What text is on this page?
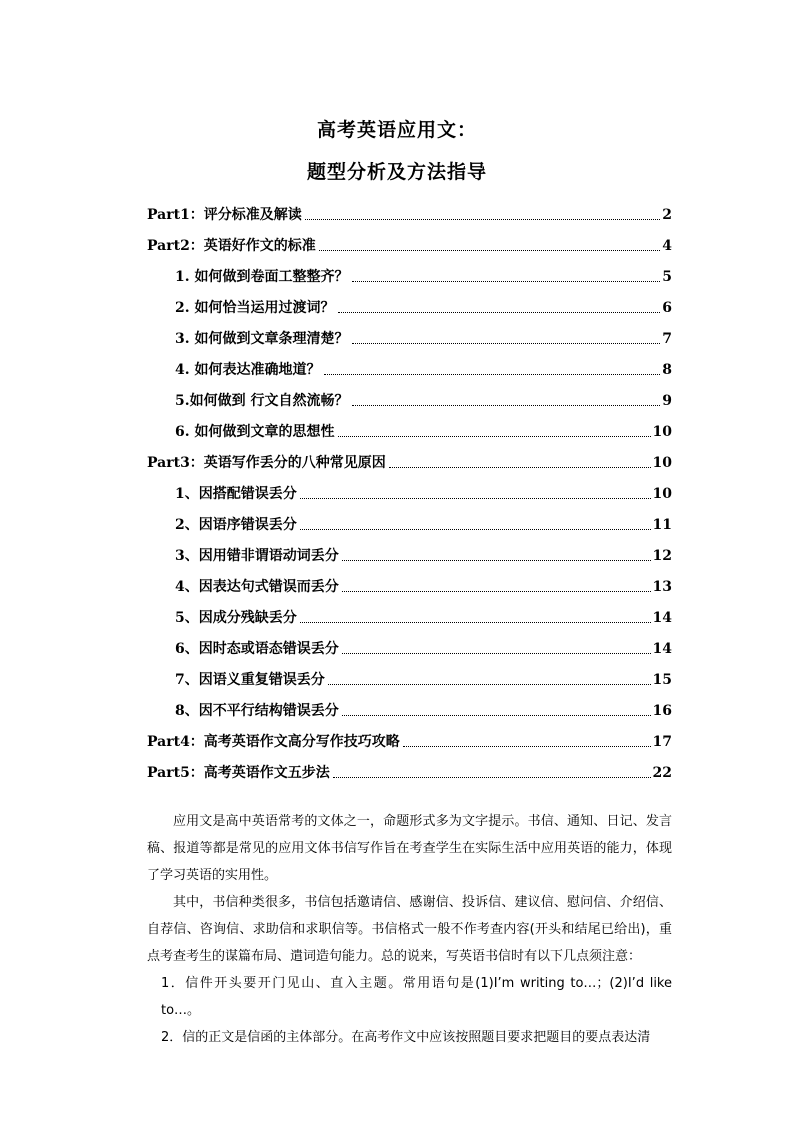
高考英语应用文：
题型分析及方法指导
Part1：评分标准及解读	2
Part2：英语好作文的标准	4
1. 如何做到卷面工整整齐？	5
2. 如何恰当运用过渡词？	6
3. 如何做到文章条理清楚？	7
4. 如何表达准确地道？	8
5.如何做到 行文自然流畅？	9
6. 如何做到文章的思想性	10
Part3：英语写作丢分的八种常见原因	10
1、因搭配错误丢分	10
2、因语序错误丢分	11
3、因用错非谓语动词丢分	12
4、因表达句式错误而丢分	13
5、因成分残缺丢分	14
6、因时态或语态错误丢分	14
7、因语义重复错误丢分	15
8、因不平行结构错误丢分	16
Part4：高考英语作文高分写作技巧攻略	17
Part5：高考英语作文五步法	22

应用文是高中英语常考的文体之一，命题形式多为文字提示。书信、通知、日记、发言稿、报道等都是常见的应用文体书信写作旨在考查学生在实际生活中应用英语的能力，体现了学习英语的实用性。

其中，书信种类很多，书信包括邀请信、感谢信、投诉信、建议信、慰问信、介绍信、自荐信、咨询信、求助信和求职信等。书信格式一般不作考查内容(开头和结尾已给出)，重点考查考生的谋篇布局、遣词造句能力。总的说来，写英语书信时有以下几点须注意：

1．信件开头要开门见山、直入主题。常用语句是(1)I’m writing to…；(2)I’d like to…。

2．信的正文是信函的主体部分。在高考作文中应该按照题目要求把题目的要点表达清
